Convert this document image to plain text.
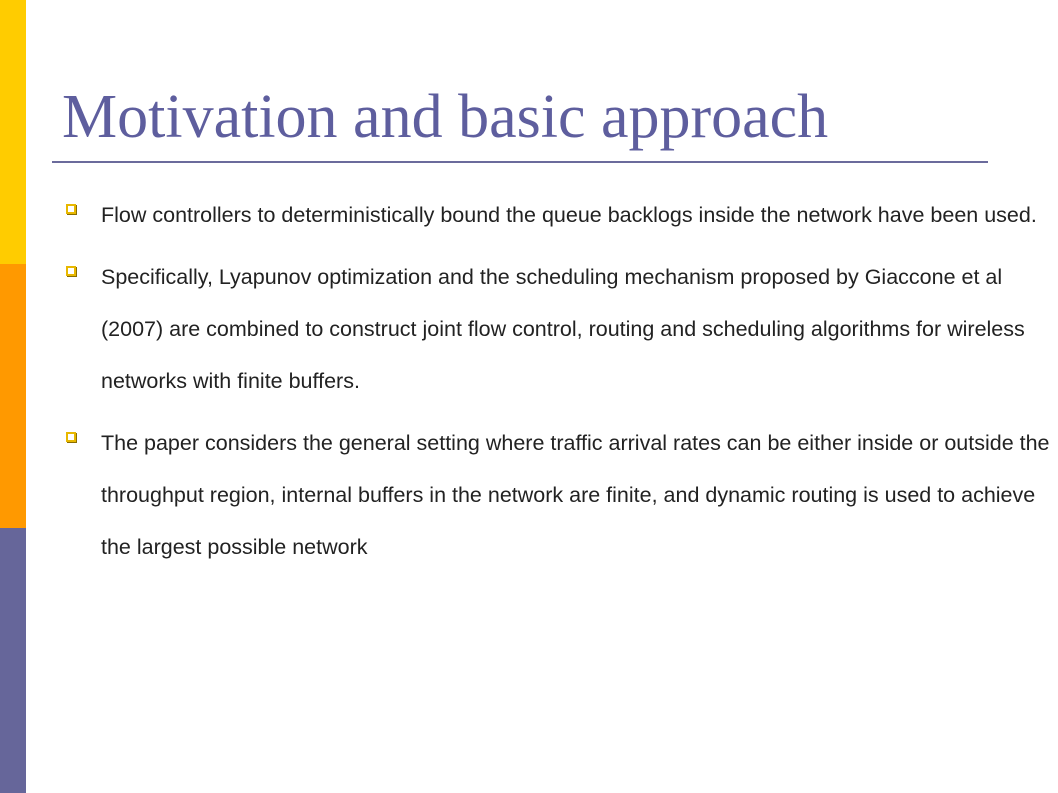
Motivation and basic approach
Flow controllers to deterministically bound the queue backlogs inside the network have been used.
Specifically, Lyapunov optimization and the scheduling mechanism proposed by Giaccone et al (2007) are combined to construct joint flow control, routing and scheduling algorithms for wireless networks with finite buffers.
The paper considers the general setting where traffic arrival rates can be either inside or outside the throughput region, internal buffers in the network are finite, and dynamic routing is used to achieve the largest possible network
